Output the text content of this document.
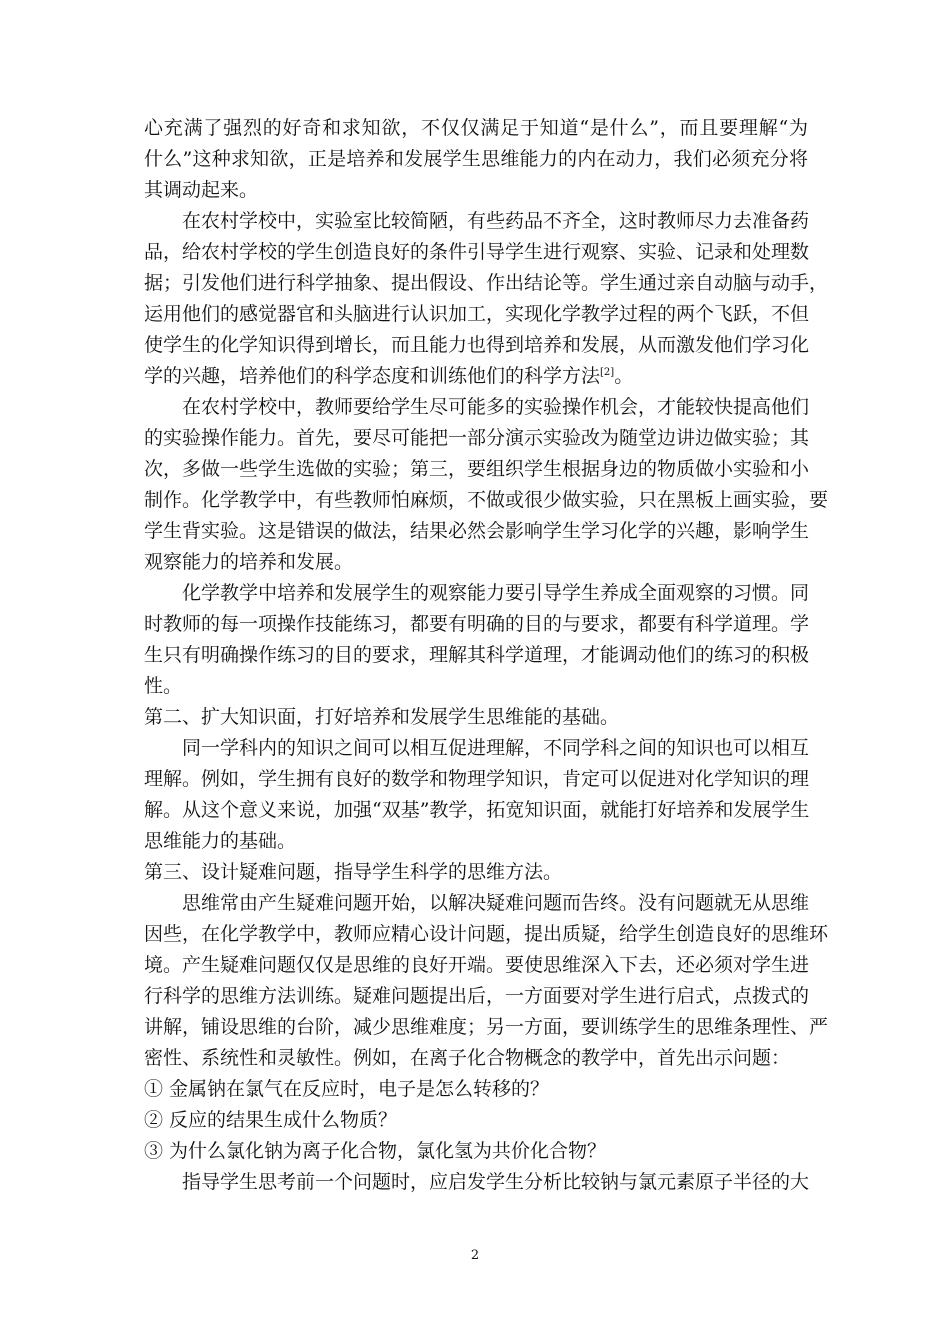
心充满了强烈的好奇和求知欲，不仅仅满足于知道“是什么”，而且要理解“为
什么”这种求知欲，正是培养和发展学生思维能力的内在动力，我们必须充分将
其调动起来。
在农村学校中，实验室比较简陋，有些药品不齐全，这时教师尽力去准备药
品，给农村学校的学生创造良好的条件引导学生进行观察、实验、记录和处理数
据；引发他们进行科学抽象、提出假设、作出结论等。学生通过亲自动脑与动手，
运用他们的感觉器官和头脑进行认识加工，实现化学教学过程的两个飞跃，不但
使学生的化学知识得到增长，而且能力也得到培养和发展，从而激发他们学习化
学的兴趣，培养他们的科学态度和训练他们的科学方法[2]。
在农村学校中，教师要给学生尽可能多的实验操作机会，才能较快提高他们
的实验操作能力。首先，要尽可能把一部分演示实验改为随堂边讲边做实验；其
次，多做一些学生选做的实验；第三，要组织学生根据身边的物质做小实验和小
制作。化学教学中，有些教师怕麻烦，不做或很少做实验，只在黑板上画实验，要
学生背实验。这是错误的做法，结果必然会影响学生学习化学的兴趣，影响学生
观察能力的培养和发展。
化学教学中培养和发展学生的观察能力要引导学生养成全面观察的习惯。同
时教师的每一项操作技能练习，都要有明确的目的与要求，都要有科学道理。学
生只有明确操作练习的目的要求，理解其科学道理，才能调动他们的练习的积极
性。
第二、扩大知识面，打好培养和发展学生思维能的基础。
同一学科内的知识之间可以相互促进理解，不同学科之间的知识也可以相互
理解。例如，学生拥有良好的数学和物理学知识，肯定可以促进对化学知识的理
解。从这个意义来说，加强“双基”教学，拓宽知识面，就能打好培养和发展学生
思维能力的基础。
第三、设计疑难问题，指导学生科学的思维方法。
思维常由产生疑难问题开始，以解决疑难问题而告终。没有问题就无从思维
因些，在化学教学中，教师应精心设计问题，提出质疑，给学生创造良好的思维环
境。产生疑难问题仅仅是思维的良好开端。要使思维深入下去，还必须对学生进
行科学的思维方法训练。疑难问题提出后，一方面要对学生进行启式，点拨式的
讲解，铺设思维的台阶，减少思维难度；另一方面，要训练学生的思维条理性、严
密性、系统性和灵敏性。例如，在离子化合物概念的教学中，首先出示问题：
① 金属钠在氯气在反应时，电子是怎么转移的？
② 反应的结果生成什么物质？
③ 为什么氯化钠为离子化合物，氯化氢为共价化合物？
指导学生思考前一个问题时，应启发学生分析比较钠与氯元素原子半径的大
2
